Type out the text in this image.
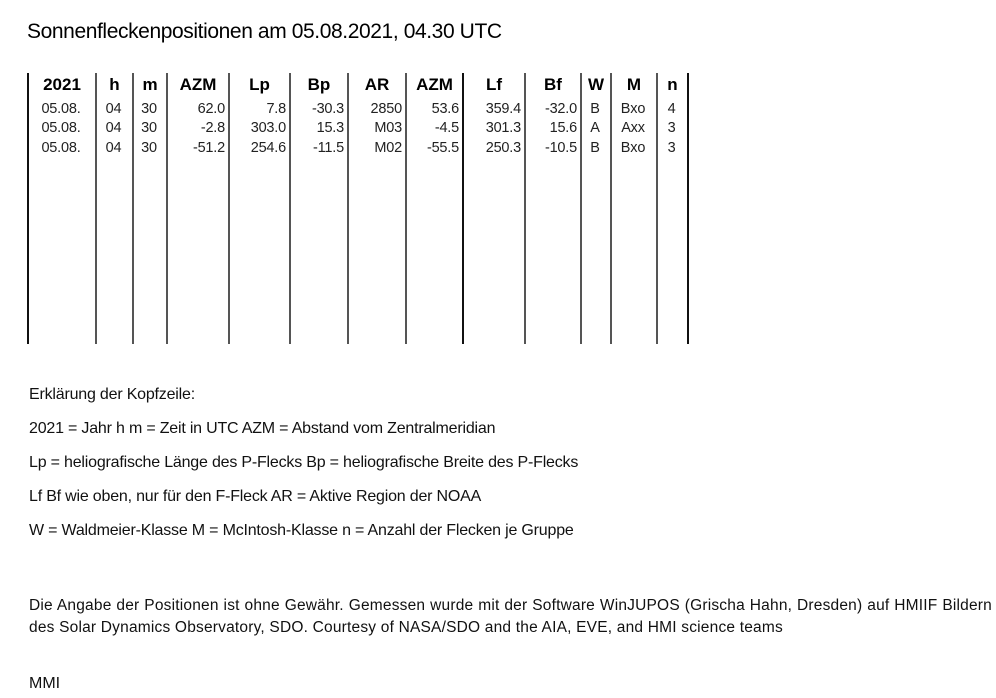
Sonnenfleckenpositionen am 05.08.2021, 04.30 UTC
2021	h	m	AZM	Lp	Bp	AR	AZM	Lf	Bf	W	M	n
05.08.	04	30	62.0	7.8	-30.3	2850	53.6	359.4	-32.0 B	Bxo	4
05.08.	04	30	-2.8	303.0	15.3	M03	-4.5	301.3	15.6 A	Axx	3
05.08.	04	30	-51.2	254.6	-11.5	M02	-55.5	250.3	-10.5 B	Bxo	3
Erklärung der Kopfzeile:
2021 = Jahr h m = Zeit in UTC AZM = Abstand vom Zentralmeridian
Lp = heliografische Länge des P-Flecks Bp = heliografische Breite des P-Flecks
Lf Bf wie oben, nur für den F-Fleck AR = Aktive Region der NOAA
W = Waldmeier-Klasse M = McIntosh-Klasse n = Anzahl der Flecken je Gruppe
Die Angabe der Positionen ist ohne Gewähr. Gemessen wurde mit der Software WinJUPOS (Grischa Hahn, Dresden) auf HMIIF Bildern des Solar Dynamics Observatory, SDO. Courtesy of NASA/SDO and the AIA, EVE, and HMI science teams
MMI
